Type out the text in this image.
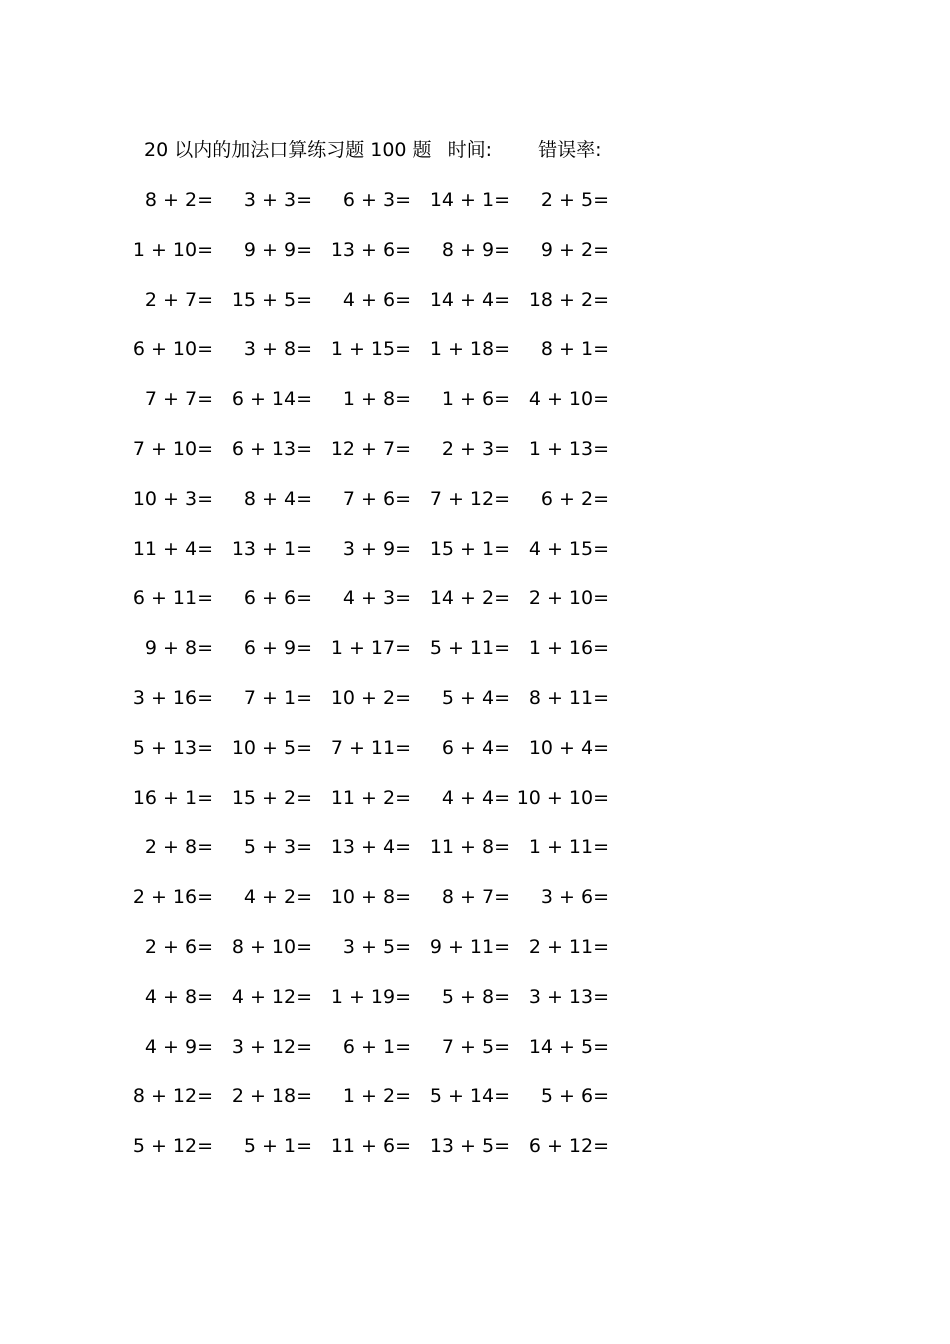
20 以内的加法口算练习题 100 题 时间: 错误率:
8 + 2= 3 + 3= 6 + 3= 14 + 1= 2 + 5=
1 + 10= 9 + 9= 13 + 6= 8 + 9= 9 + 2=
2 + 7= 15 + 5= 4 + 6= 14 + 4= 18 + 2=
6 + 10= 3 + 8= 1 + 15= 1 + 18= 8 + 1=
7 + 7= 6 + 14= 1 + 8= 1 + 6= 4 + 10=
7 + 10= 6 + 13= 12 + 7= 2 + 3= 1 + 13=
10 + 3= 8 + 4= 7 + 6= 7 + 12= 6 + 2=
11 + 4= 13 + 1= 3 + 9= 15 + 1= 4 + 15=
6 + 11= 6 + 6= 4 + 3= 14 + 2= 2 + 10=
9 + 8= 6 + 9= 1 + 17= 5 + 11= 1 + 16=
3 + 16= 7 + 1= 10 + 2= 5 + 4= 8 + 11=
5 + 13= 10 + 5= 7 + 11= 6 + 4= 10 + 4=
16 + 1= 15 + 2= 11 + 2= 4 + 4= 10 + 10=
2 + 8= 5 + 3= 13 + 4= 11 + 8= 1 + 11=
2 + 16= 4 + 2= 10 + 8= 8 + 7= 3 + 6=
2 + 6= 8 + 10= 3 + 5= 9 + 11= 2 + 11=
4 + 8= 4 + 12= 1 + 19= 5 + 8= 3 + 13=
4 + 9= 3 + 12= 6 + 1= 7 + 5= 14 + 5=
8 + 12= 2 + 18= 1 + 2= 5 + 14= 5 + 6=
5 + 12= 5 + 1= 11 + 6= 13 + 5= 6 + 12=
